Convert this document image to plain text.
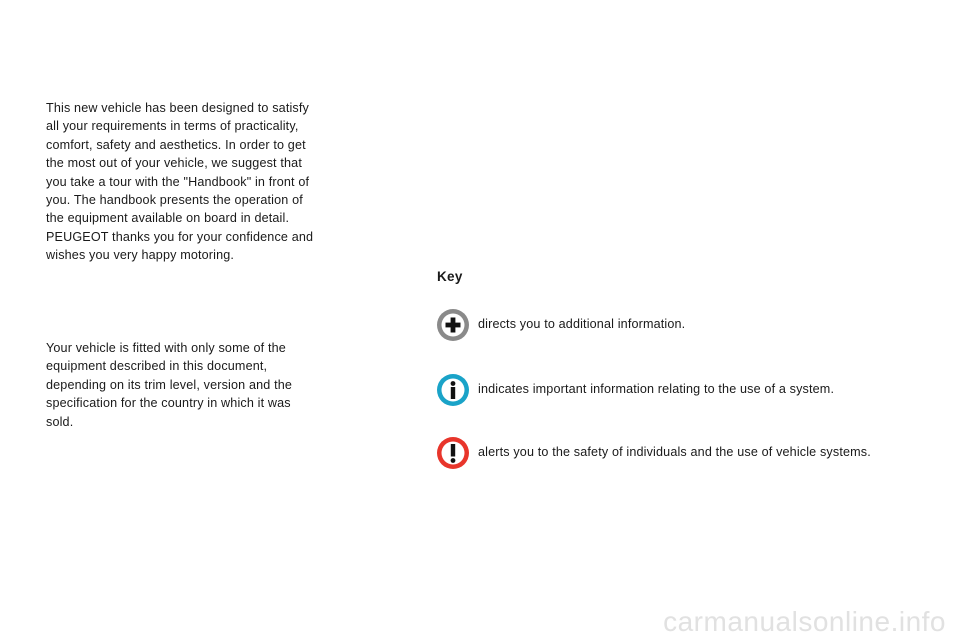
This new vehicle has been designed to satisfy
all your requirements in terms of practicality,
comfort, safety and aesthetics. In order to get
the most out of your vehicle, we suggest that
you take a tour with the "Handbook" in front of
you. The handbook presents the operation of
the equipment available on board in detail.
PEUGEOT thanks you for your confidence and
wishes you very happy motoring.

Your vehicle is fitted with only some of the
equipment described in this document,
depending on its trim level, version and the
specification for the country in which it was
sold.

Key
directs you to additional information.
indicates important information relating to the use of a system.
alerts you to the safety of individuals and the use of vehicle systems.
carmanualsonline.info
